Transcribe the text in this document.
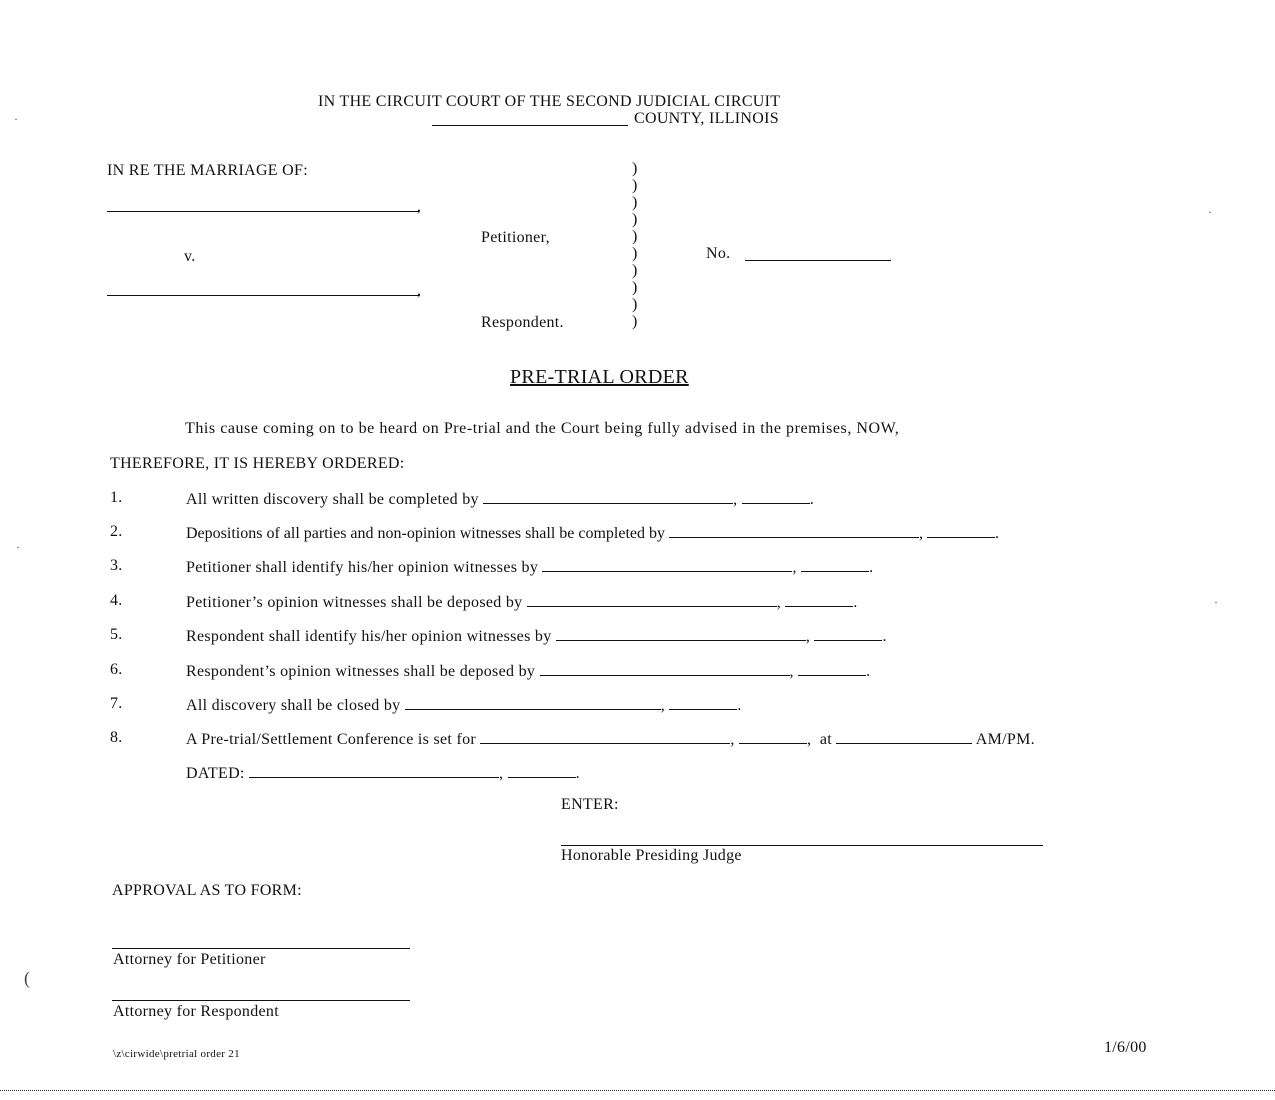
IN THE CIRCUIT COURT OF THE SECOND JUDICIAL CIRCUIT
COUNTY, ILLINOIS
IN RE THE MARRIAGE OF:
,
Petitioner,
v.
,
Respondent.
)
)
)
)
)
)
)
)
)
)
No.
PRE-TRIAL ORDER
This cause coming on to be heard on Pre-trial and the Court being fully advised in the premises, NOW,
THEREFORE, IT IS HEREBY ORDERED:
1.	All written discovery shall be completed by	,	.
2.	Depositions of all parties and non-opinion witnesses shall be completed by	,	.
3.	Petitioner shall identify his/her opinion witnesses by	,	.
4.	Petitioner’s opinion witnesses shall be deposed by	,	.
5.	Respondent shall identify his/her opinion witnesses by	,	.
6.	Respondent’s opinion witnesses shall be deposed by	,	.
7.	All discovery shall be closed by	,	.
8.	A Pre-trial/Settlement Conference is set for	,	, at	AM/PM.
DATED:	,	.
ENTER:
Honorable Presiding Judge
APPROVAL AS TO FORM:
Attorney for Petitioner
Attorney for Respondent
\z\cirwide\pretrial order 21	1/6/00
(
·
·
·
·
